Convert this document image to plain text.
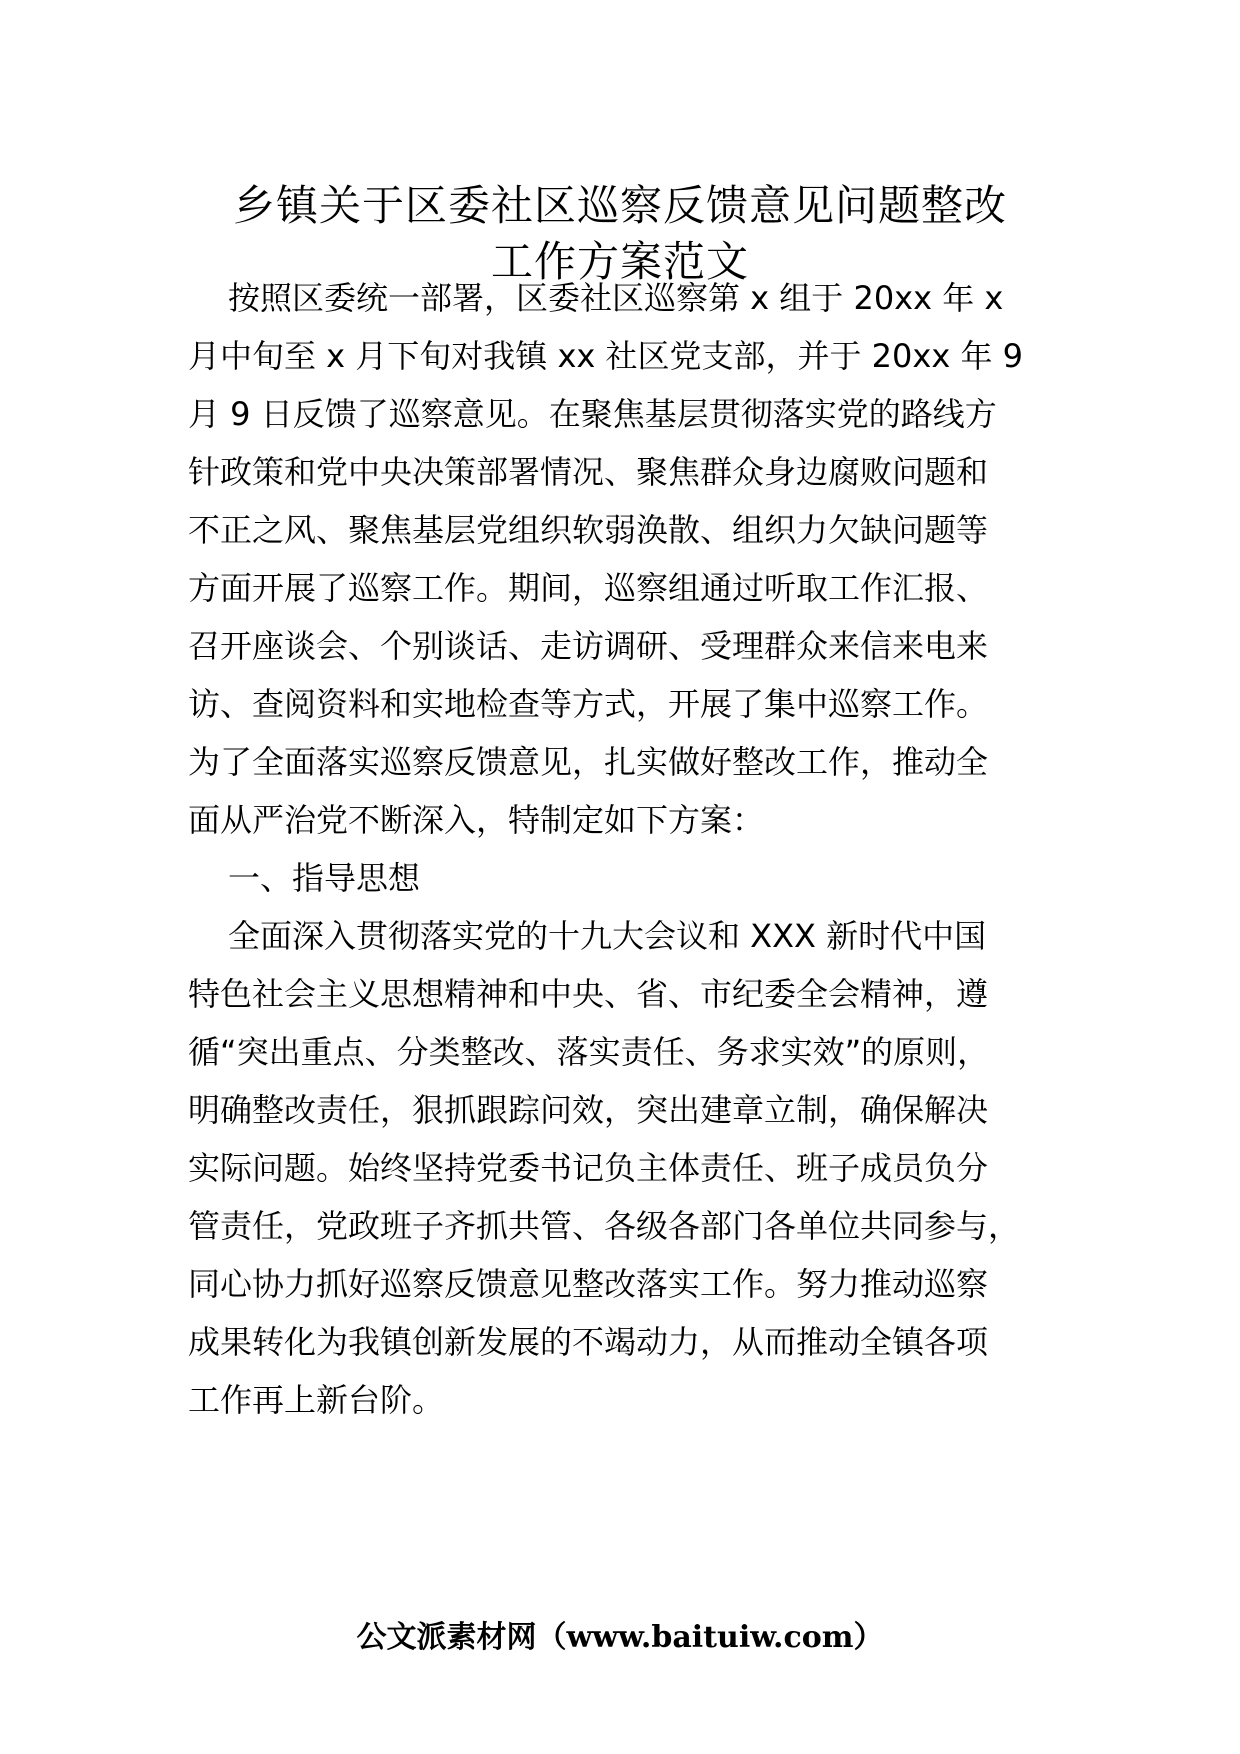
乡镇关于区委社区巡察反馈意见问题整改
工作方案范文

按照区委统一部署，区委社区巡察第 x 组于 20xx 年 x

月中旬至 x 月下旬对我镇 xx 社区党支部，并于 20xx 年 9

月 9 日反馈了巡察意见。在聚焦基层贯彻落实党的路线方

针政策和党中央决策部署情况、聚焦群众身边腐败问题和

不正之风、聚焦基层党组织软弱涣散、组织力欠缺问题等

方面开展了巡察工作。期间，巡察组通过听取工作汇报、

召开座谈会、个别谈话、走访调研、受理群众来信来电来

访、查阅资料和实地检查等方式，开展了集中巡察工作。

为了全面落实巡察反馈意见，扎实做好整改工作，推动全

面从严治党不断深入，特制定如下方案：

一、指导思想

全面深入贯彻落实党的十九大会议和 XXX 新时代中国

特色社会主义思想精神和中央、省、市纪委全会精神，遵

循“突出重点、分类整改、落实责任、务求实效”的原则，

明确整改责任，狠抓跟踪问效，突出建章立制，确保解决

实际问题。始终坚持党委书记负主体责任、班子成员负分

管责任，党政班子齐抓共管、各级各部门各单位共同参与，

同心协力抓好巡察反馈意见整改落实工作。努力推动巡察

成果转化为我镇创新发展的不竭动力，从而推动全镇各项

工作再上新台阶。

公文派素材网（www.baituiw.com）
